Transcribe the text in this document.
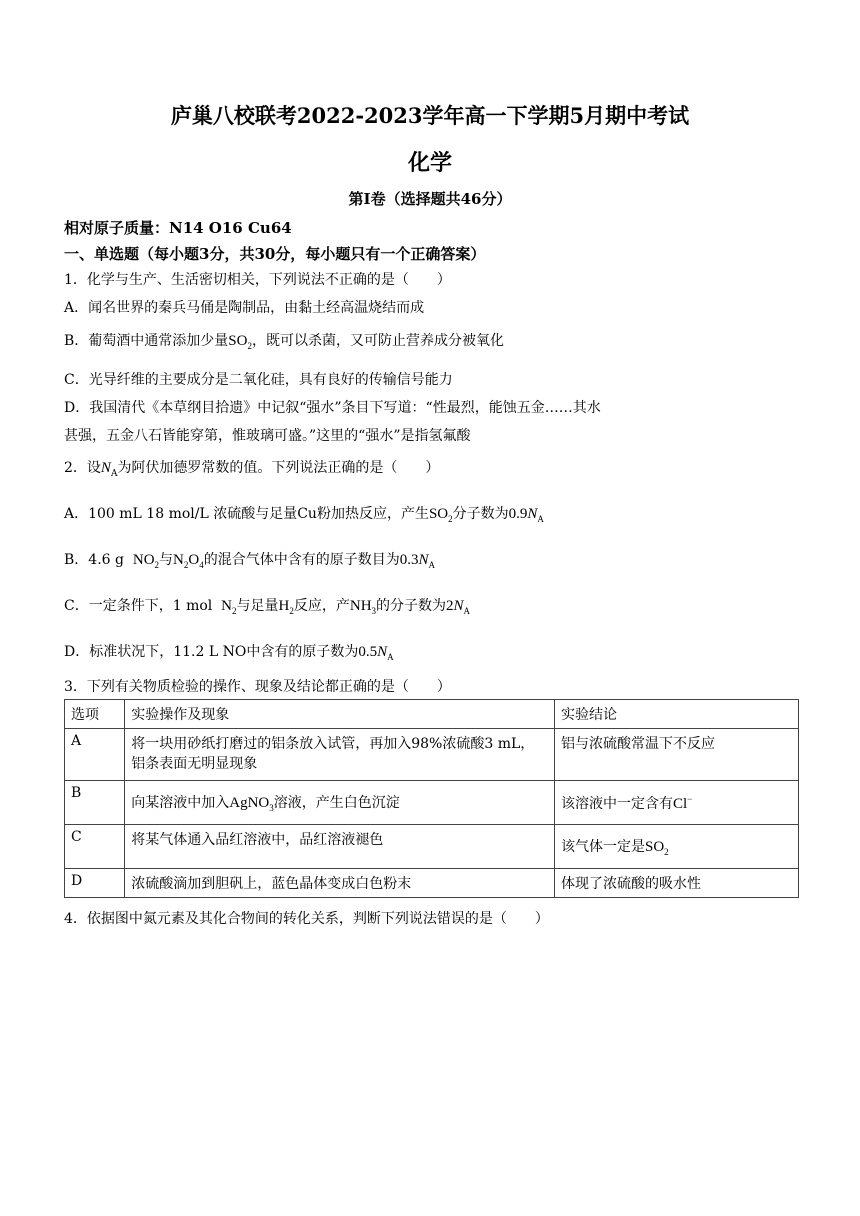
庐巢八校联考2022-2023学年高一下学期5月期中考试
化学
第Ⅰ卷（选择题共46分）
相对原子质量：N14 O16 Cu64
一、单选题（每小题3分，共30分，每小题只有一个正确答案）
1．化学与生产、生活密切相关，下列说法不正确的是（　　）
A．闻名世界的秦兵马俑是陶制品，由黏土经高温烧结而成
B．葡萄酒中通常添加少量$SO_2$，既可以杀菌，又可防止营养成分被氧化
C．光导纤维的主要成分是二氧化硅，具有良好的传输信号能力
D．我国清代《本草纲目拾遗》中记叙“强水”条目下写道：“性最烈，能蚀五金……其水
甚强，五金八石皆能穿第，惟玻璃可盛。”这里的“强水”是指氢氟酸
2．设$N_A$为阿伏加德罗常数的值。下列说法正确的是（　　）
A．100 mL 18 mol/L 浓硫酸与足量Cu粉加热反应，产生$SO_2$分子数为$0.9N_A$
B．4.6 g $NO_2$与$N_2O_4$的混合气体中含有的原子数目为$0.3N_A$
C．一定条件下，1 mol $N_2$与足量$H_2$反应，产$NH_3$的分子数为$2N_A$
D．标准状况下，11.2 L NO中含有的原子数为$0.5N_A$
3．下列有关物质检验的操作、现象及结论都正确的是（　　）
选项	实验操作及现象	实验结论
A	将一块用砂纸打磨过的铝条放入试管，再加入98%浓硫酸3 mL，
铝条表面无明显现象	铝与浓硫酸常温下不反应
B	向某溶液中加入AgNO$_3$溶液，产生白色沉淀	该溶液中一定含有Cl−
C	将某气体通入品红溶液中，品红溶液褪色	该气体一定是$SO_2$
D	浓硫酸滴加到胆矾上，蓝色晶体变成白色粉末	体现了浓硫酸的吸水性
4．依据图中氮元素及其化合物间的转化关系，判断下列说法错误的是（　　）
